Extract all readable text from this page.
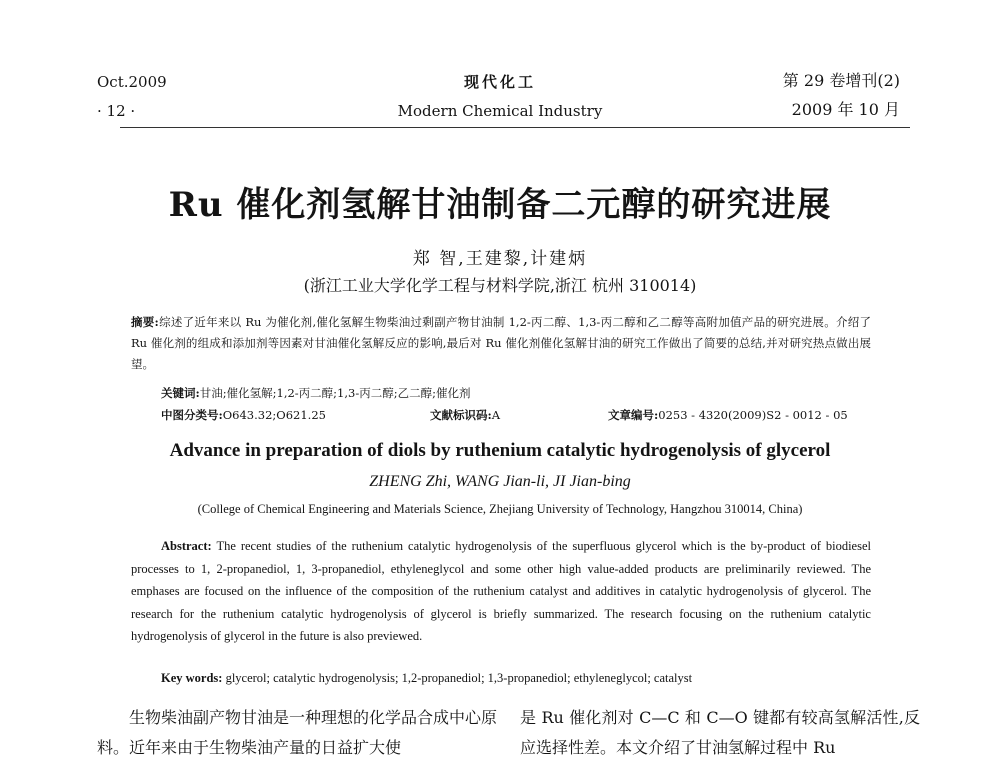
Oct.2009
· 12 ·
现代化工
Modern Chemical Industry
第 29 卷增刊(2)
2009 年 10 月
Ru 催化剂氢解甘油制备二元醇的研究进展
郑 智,王建黎,计建炳
(浙江工业大学化学工程与材料学院,浙江 杭州 310014)
摘要:综述了近年来以 Ru 为催化剂,催化氢解生物柴油过剩副产物甘油制 1,2-丙二醇、1,3-丙二醇和乙二醇等高附加值产品的研究进展。介绍了 Ru 催化剂的组成和添加剂等因素对甘油催化氢解反应的影响,最后对 Ru 催化剂催化氢解甘油的研究工作做出了简要的总结,并对研究热点做出展望。
关键词:甘油;催化氢解;1,2-丙二醇;1,3-丙二醇;乙二醇;催化剂
中图分类号:O643.32;O621.25	文献标识码:A	文章编号:0253 - 4320(2009)S2 - 0012 - 05
Advance in preparation of diols by ruthenium catalytic hydrogenolysis of glycerol
ZHENG Zhi, WANG Jian-li, JI Jian-bing
(College of Chemical Engineering and Materials Science, Zhejiang University of Technology, Hangzhou 310014, China)
Abstract: The recent studies of the ruthenium catalytic hydrogenolysis of the superfluous glycerol which is the by-product of biodiesel processes to 1, 2-propanediol, 1, 3-propanediol, ethyleneglycol and some other high value-added products are preliminarily reviewed. The emphases are focused on the influence of the composition of the ruthenium catalyst and additives in catalytic hydrogenolysis of glycerol. The research for the ruthenium catalytic hydrogenolysis of glycerol is briefly summarized. The research focusing on the ruthenium catalytic hydrogenolysis of glycerol in the future is also previewed.
Key words: glycerol; catalytic hydrogenolysis; 1,2-propanediol; 1,3-propanediol; ethyleneglycol; catalyst
生物柴油副产物甘油是一种理想的化学品合成中心原料。近年来由于生物柴油产量的日益扩大使
是 Ru 催化剂对 C—C 和 C—O 键都有较高氢解活性,反应选择性差。本文介绍了甘油氢解过程中 Ru
